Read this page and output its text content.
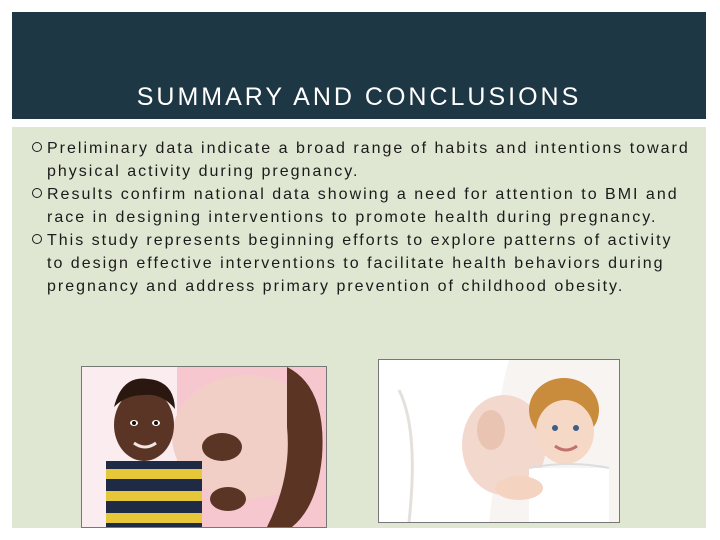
SUMMARY AND CONCLUSIONS
Preliminary data indicate a broad range of habits and intentions toward physical activity during pregnancy.
Results confirm national data showing a need for attention to BMI and race in designing interventions to promote health during pregnancy.
This study represents beginning efforts to explore patterns of activity to design effective interventions to facilitate health behaviors during pregnancy and address primary prevention of childhood obesity.
